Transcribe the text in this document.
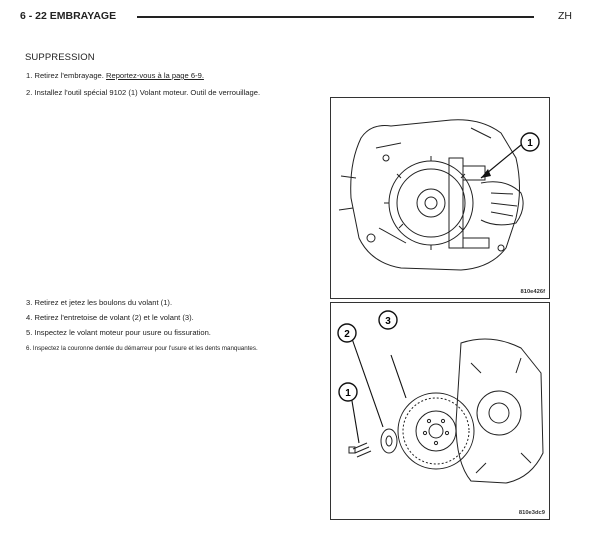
6 - 22 EMBRAYAGE	ZH
SUPPRESSION
1. Retirez l'embrayage. Reportez-vous à la page 6-9.
2. Installez l'outil spécial 9102 (1) Volant moteur. Outil de verrouillage.
3. Retirez et jetez les boulons du volant (1).
4. Retirez l'entretoise de volant (2) et le volant (3).
5. Inspectez le volant moteur pour usure ou fissuration.
6. Inspectez la couronne dentée du démarreur pour l'usure et les dents manquantes.
1
810e426f
3
2
1
810e3dc9
